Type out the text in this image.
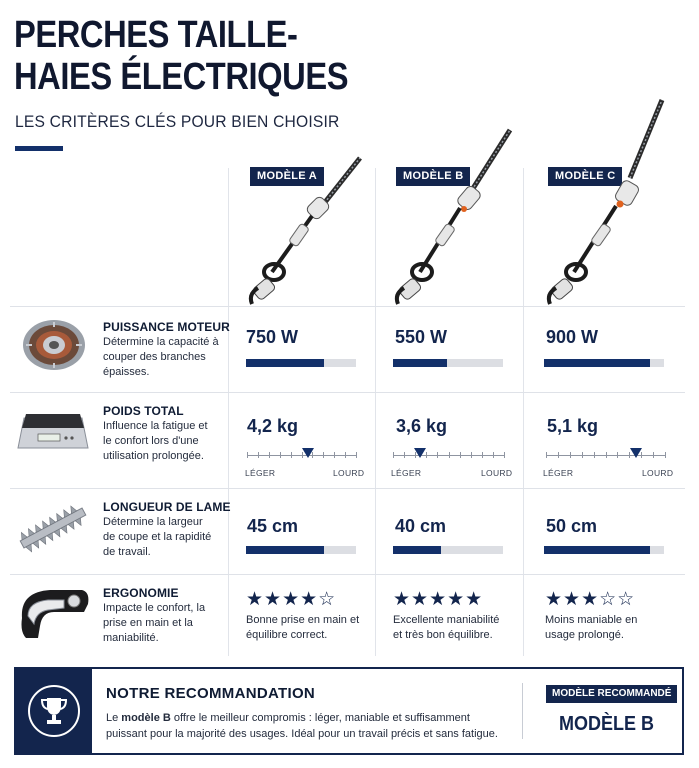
PERCHES TAILLE-HAIES ÉLECTRIQUES
LES CRITÈRES CLÉS POUR BIEN CHOISIR
MODÈLE A	MODÈLE B	MODÈLE C
PUISSANCE MOTEUR
Détermine la capacité à couper des branches épaisses.
750 W	550 W	900 W
POIDS TOTAL
Influence la fatigue et le confort lors d'une utilisation prolongée.
4,2 kg	3,6 kg	5,1 kg
LÉGER	LOURD	LÉGER	LOURD	LÉGER	LOURD
LONGUEUR DE LAME
Détermine la largeur de coupe et la rapidité de travail.
45 cm	40 cm	50 cm
ERGONOMIE
Impacte le confort, la prise en main et la maniabilité.
★★★★☆	★★★★★	★★★☆☆
Bonne prise en main et équilibre correct.
Excellente maniabilité et très bon équilibre.
Moins maniable en usage prolongé.
NOTRE RECOMMANDATION
Le modèle B offre le meilleur compromis : léger, maniable et suffisamment puissant pour la majorité des usages. Idéal pour un travail précis et sans fatigue.
MODÈLE RECOMMANDÉ
MODÈLE B
